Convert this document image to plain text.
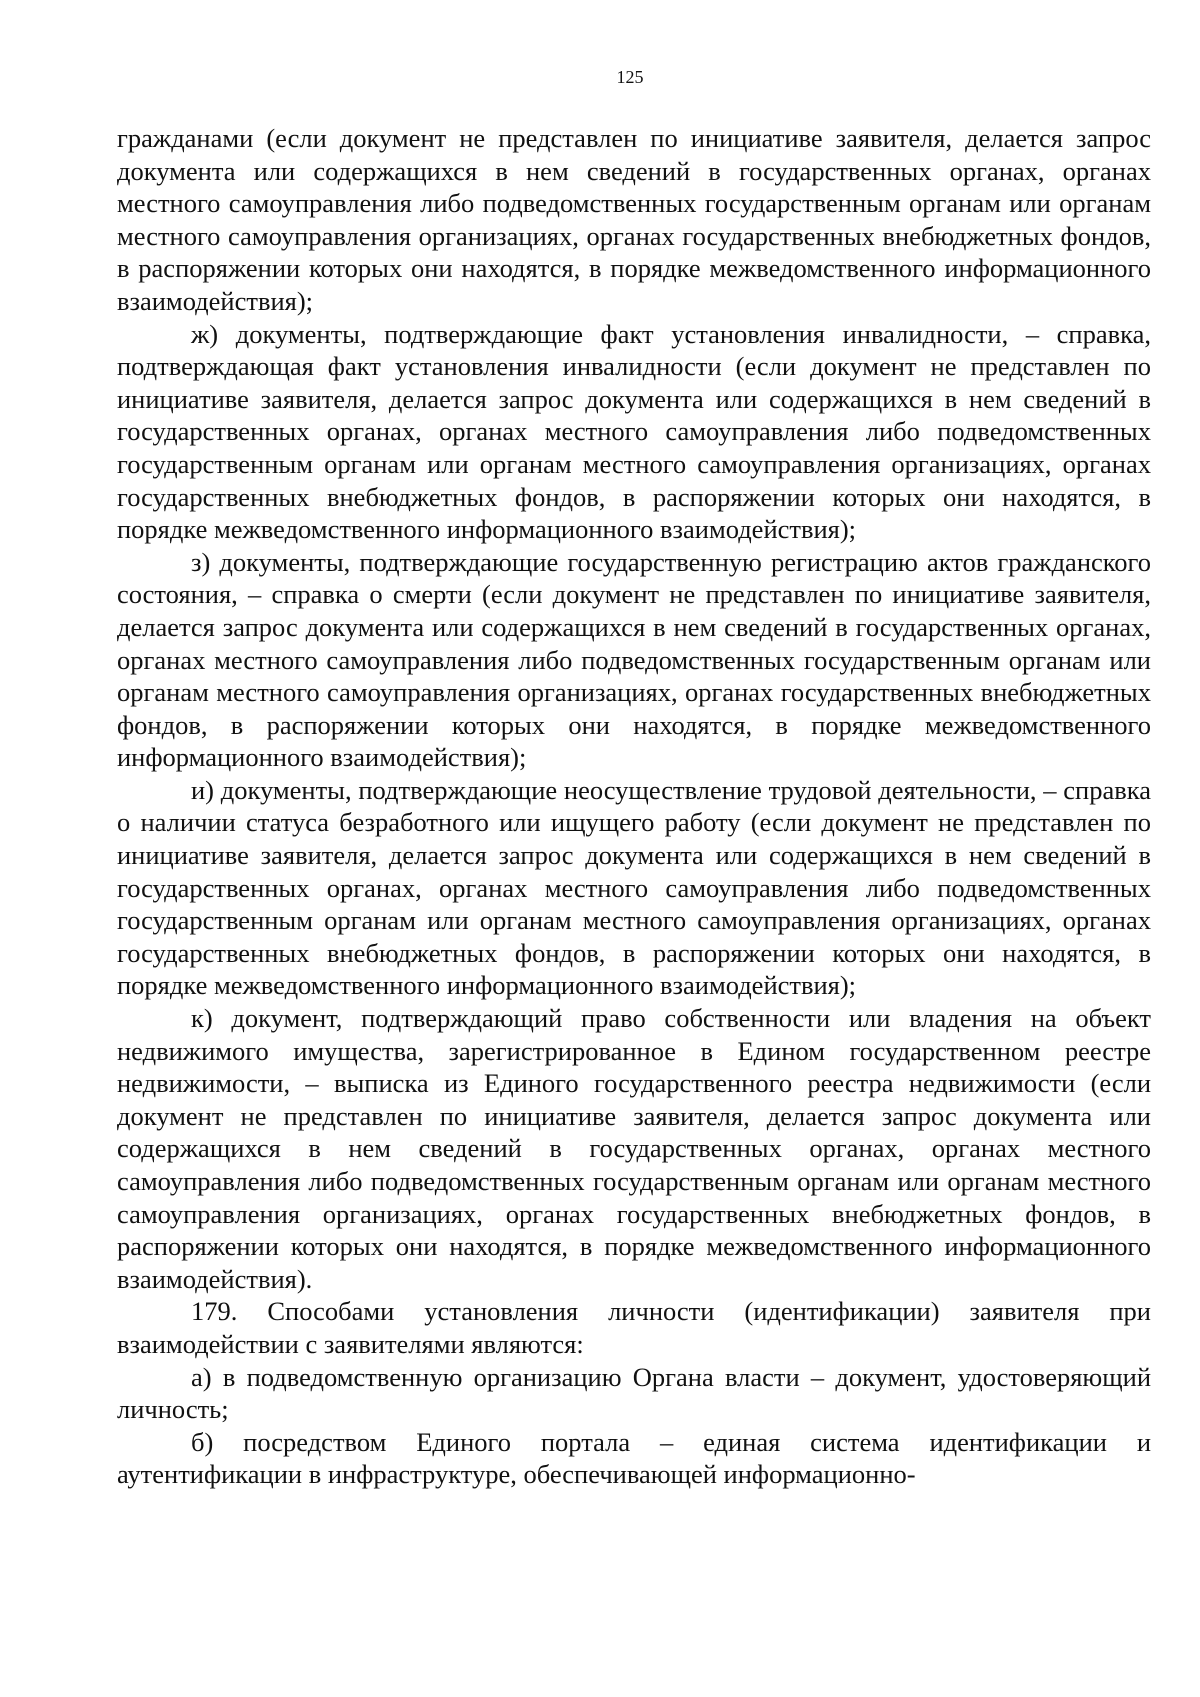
125

гражданами (если документ не представлен по инициативе заявителя, делается запрос документа или содержащихся в нем сведений в государственных органах, органах местного самоуправления либо подведомственных государственным органам или органам местного самоуправления организациях, органах государственных внебюджетных фондов, в распоряжении которых они находятся, в порядке межведомственного информационного взаимодействия);

ж) документы, подтверждающие факт установления инвалидности, – справка, подтверждающая факт установления инвалидности (если документ не представлен по инициативе заявителя, делается запрос документа или содержащихся в нем сведений в государственных органах, органах местного самоуправления либо подведомственных государственным органам или органам местного самоуправления организациях, органах государственных внебюджетных фондов, в распоряжении которых они находятся, в порядке межведомственного информационного взаимодействия);

з) документы, подтверждающие государственную регистрацию актов гражданского состояния, – справка о смерти (если документ не представлен по инициативе заявителя, делается запрос документа или содержащихся в нем сведений в государственных органах, органах местного самоуправления либо подведомственных государственным органам или органам местного самоуправления организациях, органах государственных внебюджетных фондов, в распоряжении которых они находятся, в порядке межведомственного информационного взаимодействия);

и) документы, подтверждающие неосуществление трудовой деятельности, – справка о наличии статуса безработного или ищущего работу (если документ не представлен по инициативе заявителя, делается запрос документа или содержащихся в нем сведений в государственных органах, органах местного самоуправления либо подведомственных государственным органам или органам местного самоуправления организациях, органах государственных внебюджетных фондов, в распоряжении которых они находятся, в порядке межведомственного информационного взаимодействия);

к) документ, подтверждающий право собственности или владения на объект недвижимого имущества, зарегистрированное в Едином государственном реестре недвижимости, – выписка из Единого государственного реестра недвижимости (если документ не представлен по инициативе заявителя, делается запрос документа или содержащихся в нем сведений в государственных органах, органах местного самоуправления либо подведомственных государственным органам или органам местного самоуправления организациях, органах государственных внебюджетных фондов, в распоряжении которых они находятся, в порядке межведомственного информационного взаимодействия).

179. Способами установления личности (идентификации) заявителя при взаимодействии с заявителями являются:

а) в подведомственную организацию Органа власти – документ, удостоверяющий личность;

б) посредством Единого портала – единая система идентификации и аутентификации в инфраструктуре, обеспечивающей информационно-
